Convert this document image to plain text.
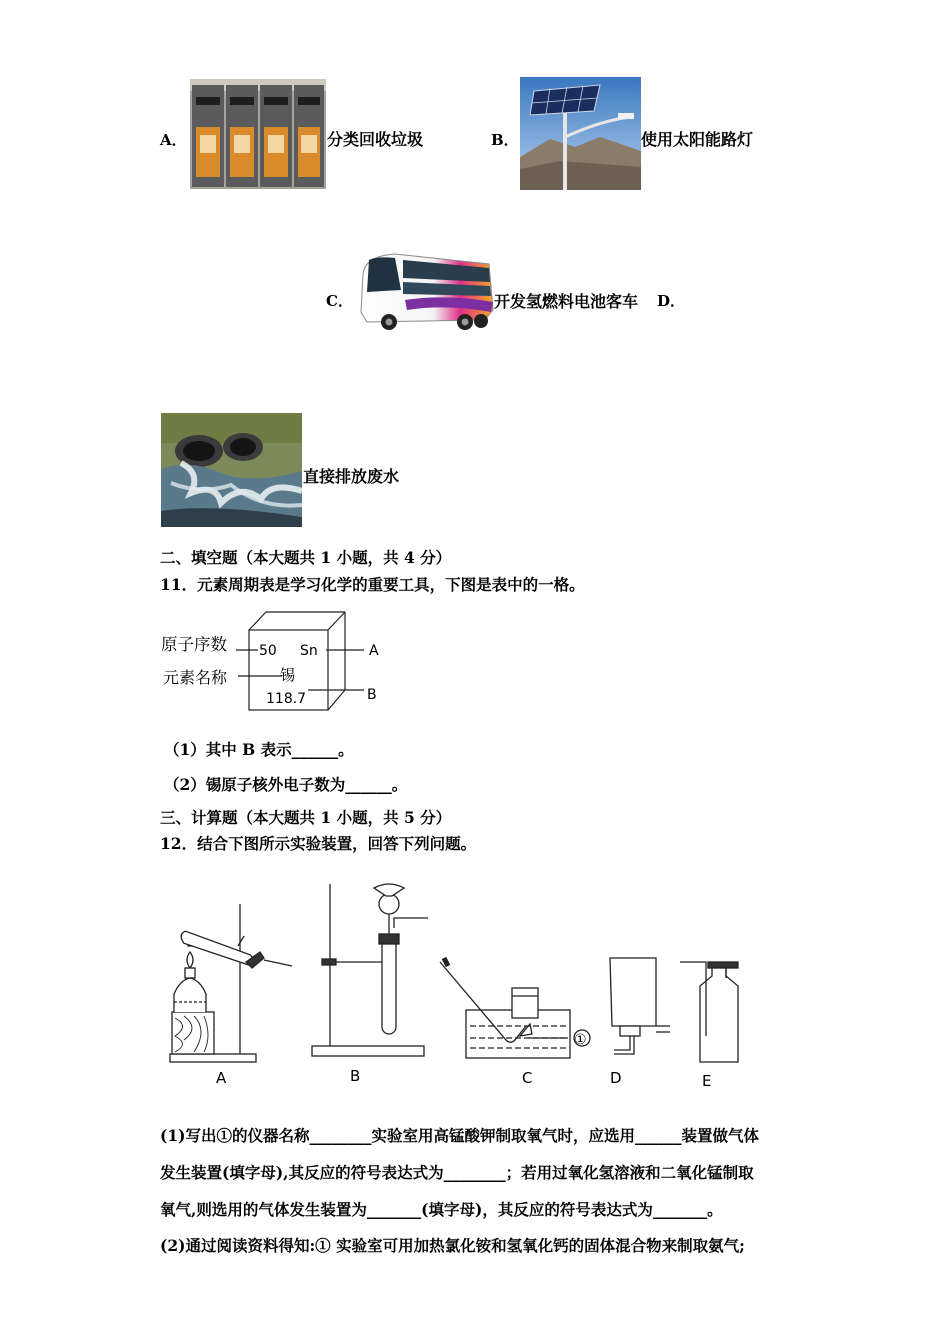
A．	分类回收垃圾	B．	使用太阳能路灯
C．	开发氢燃料电池客车 D．
直接排放废水
二、填空题（本大题共 1 小题，共 4 分）
11．元素周期表是学习化学的重要工具，下图是表中的一格。
原子序数
元素名称
50 Sn
锡
118.7
A
B
（1）其中 B 表示______。
（2）锡原子核外电子数为______。
三、计算题（本大题共 1 小题，共 5 分）
12．结合下图所示实验装置，回答下列问题。
A	B	C	D	E
①
(1)写出①的仪器名称________实验室用高锰酸钾制取氧气时，应选用______装置做气体
发生装置(填字母),其反应的符号表达式为________；若用过氧化氢溶液和二氧化锰制取
氧气,则选用的气体发生装置为_______(填字母)，其反应的符号表达式为_______。
(2)通过阅读资料得知:① 实验室可用加热氯化铵和氢氧化钙的固体混合物来制取氨气;
